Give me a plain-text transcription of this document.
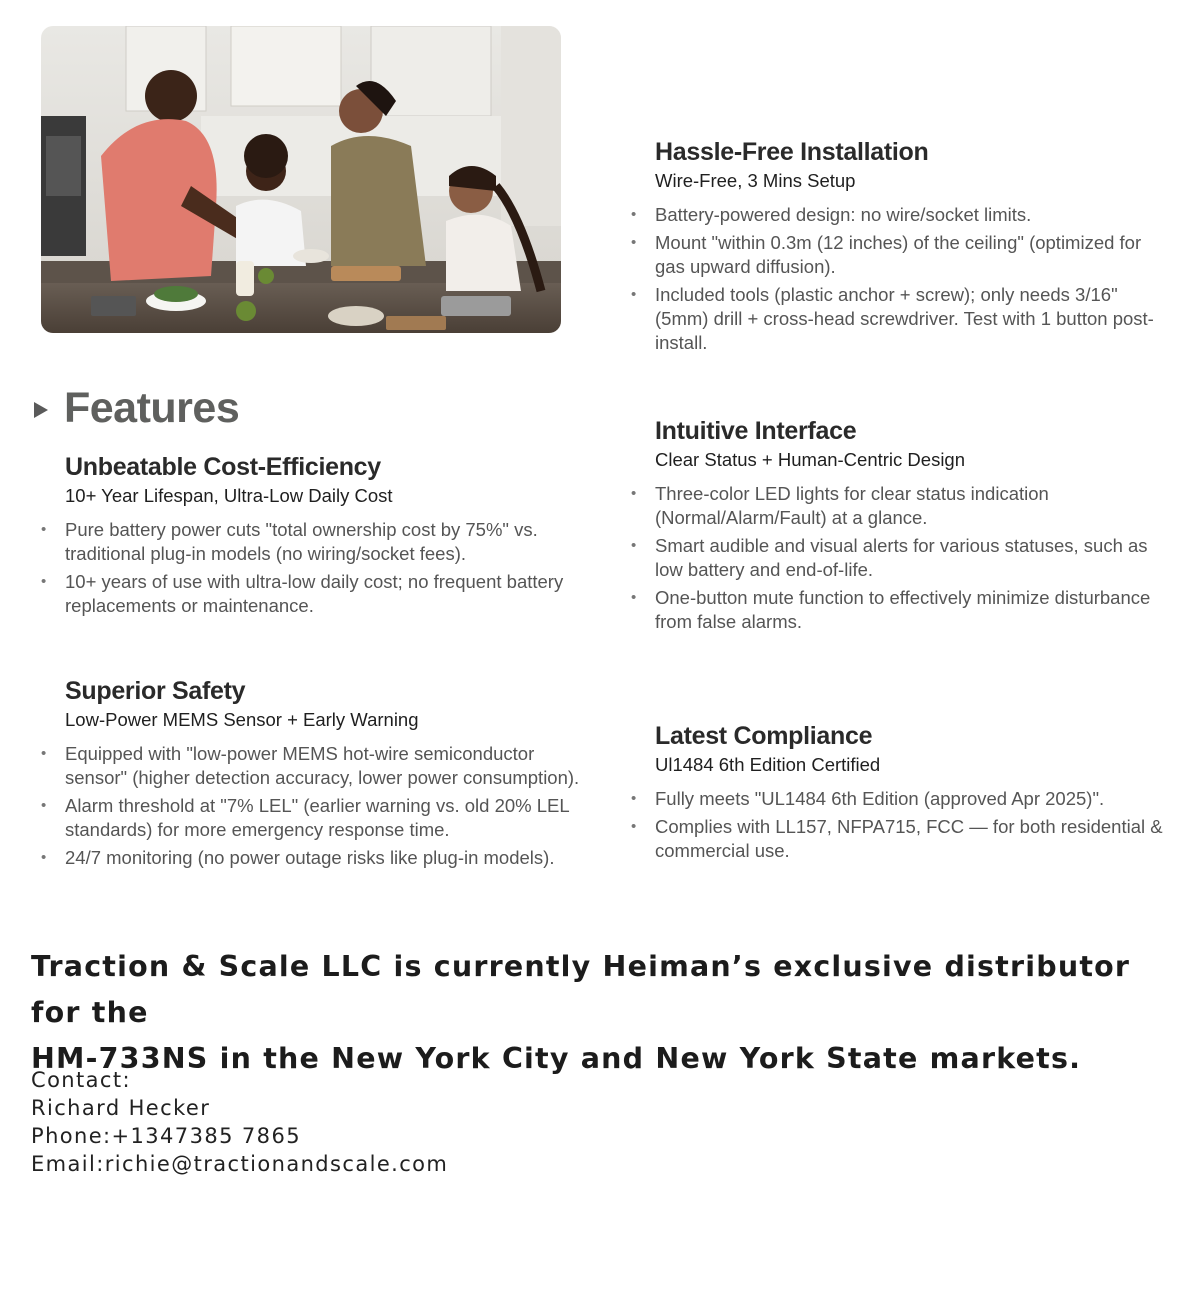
Features
Unbeatable Cost-Efficiency

10+ Year Lifespan, Ultra-Low Daily Cost

• Pure battery power cuts "total ownership cost by 75%" vs. traditional plug-in models (no wiring/socket fees).
• 10+ years of use with ultra-low daily cost; no frequent battery replacements or maintenance.
Superior Safety

Low-Power MEMS Sensor + Early Warning

• Equipped with "low-power MEMS hot-wire semiconductor sensor" (higher detection accuracy, lower power consumption).
• Alarm threshold at "7% LEL" (earlier warning vs. old 20% LEL standards) for more emergency response time.
• 24/7 monitoring (no power outage risks like plug-in models).
Hassle-Free Installation

Wire-Free, 3 Mins Setup

• Battery-powered design: no wire/socket limits.
• Mount "within 0.3m (12 inches) of the ceiling" (optimized for gas upward diffusion).
• Included tools (plastic anchor + screw); only needs 3/16" (5mm) drill + cross-head screwdriver. Test with 1 button post-install.
Intuitive Interface

Clear Status + Human-Centric Design

• Three-color LED lights for clear status indication (Normal/Alarm/Fault) at a glance.
• Smart audible and visual alerts for various statuses, such as low battery and end-of-life.
• One-button mute function to effectively minimize disturbance from false alarms.
Latest Compliance

Ul1484 6th Edition Certified

• Fully meets "UL1484 6th Edition (approved Apr 2025)".
• Complies with LL157, NFPA715, FCC — for both residential & commercial use.
Traction & Scale LLC is currently Heiman’s exclusive distributor for the
HM-733NS in the New York City and New York State markets.
Contact:
Richard Hecker
Phone:+1347385 7865
Email:richie@tractionandscale.com
